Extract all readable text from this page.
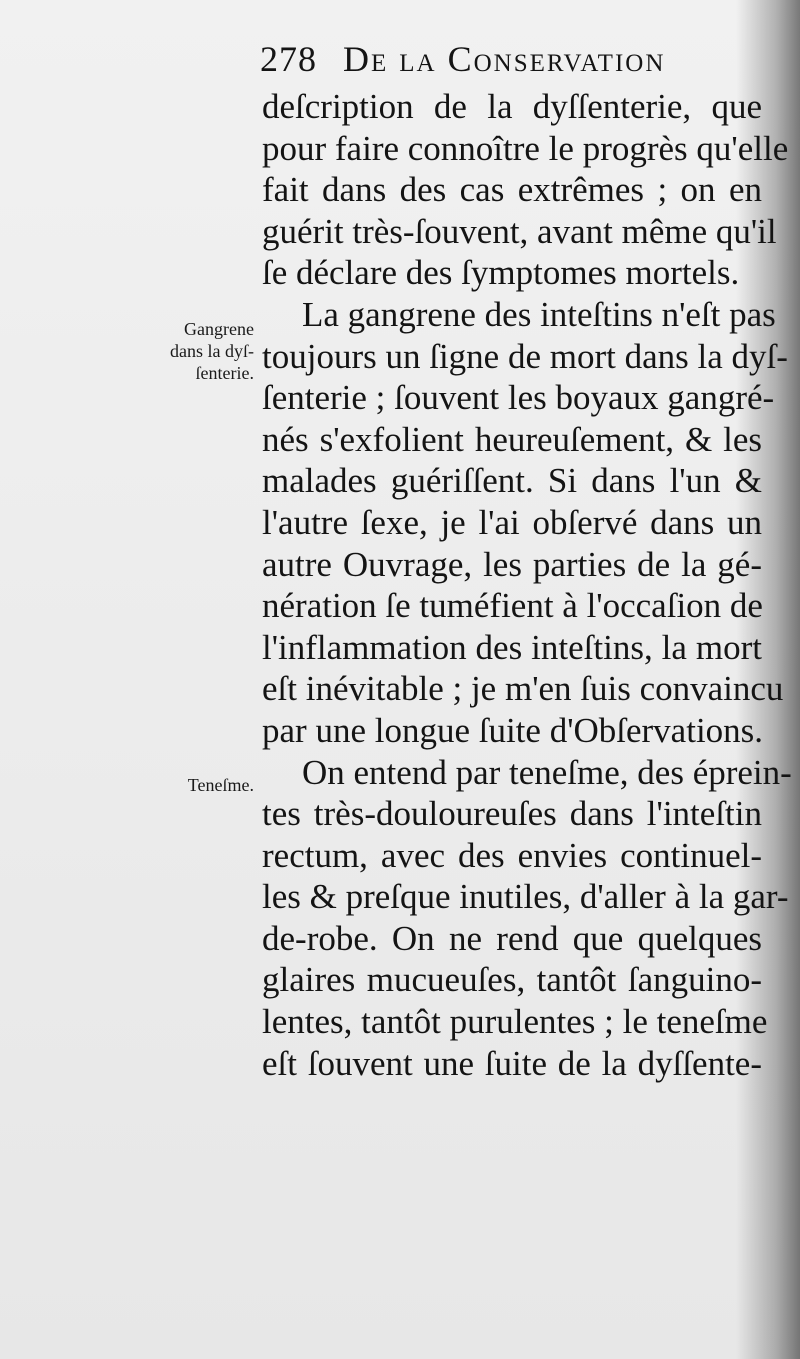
278 De la Conservation
Gangrene
dans la dyſ-
ſenterie.
Teneſme.
deſcription de la dyſſenterie, que
pour faire connoître le progrès qu'elle
fait dans des cas extrêmes ; on en
guérit très-ſouvent, avant même qu'il
ſe déclare des ſymptomes mortels.
La gangrene des inteſtins n'eſt pas
toujours un ſigne de mort dans la dyſ-
ſenterie ; ſouvent les boyaux gangré-
nés s'exfolient heureuſement, & les
malades guériſſent. Si dans l'un &
l'autre ſexe, je l'ai obſervé dans un
autre Ouvrage, les parties de la gé-
nération ſe tuméfient à l'occaſion de
l'inflammation des inteſtins, la mort
eſt inévitable ; je m'en ſuis convaincu
par une longue ſuite d'Obſervations.
On entend par teneſme, des éprein-
tes très-douloureuſes dans l'inteſtin
rectum, avec des envies continuel-
les & preſque inutiles, d'aller à la gar-
de-robe. On ne rend que quelques
glaires mucueuſes, tantôt ſanguino-
lentes, tantôt purulentes ; le teneſme
eſt ſouvent une ſuite de la dyſſente-
